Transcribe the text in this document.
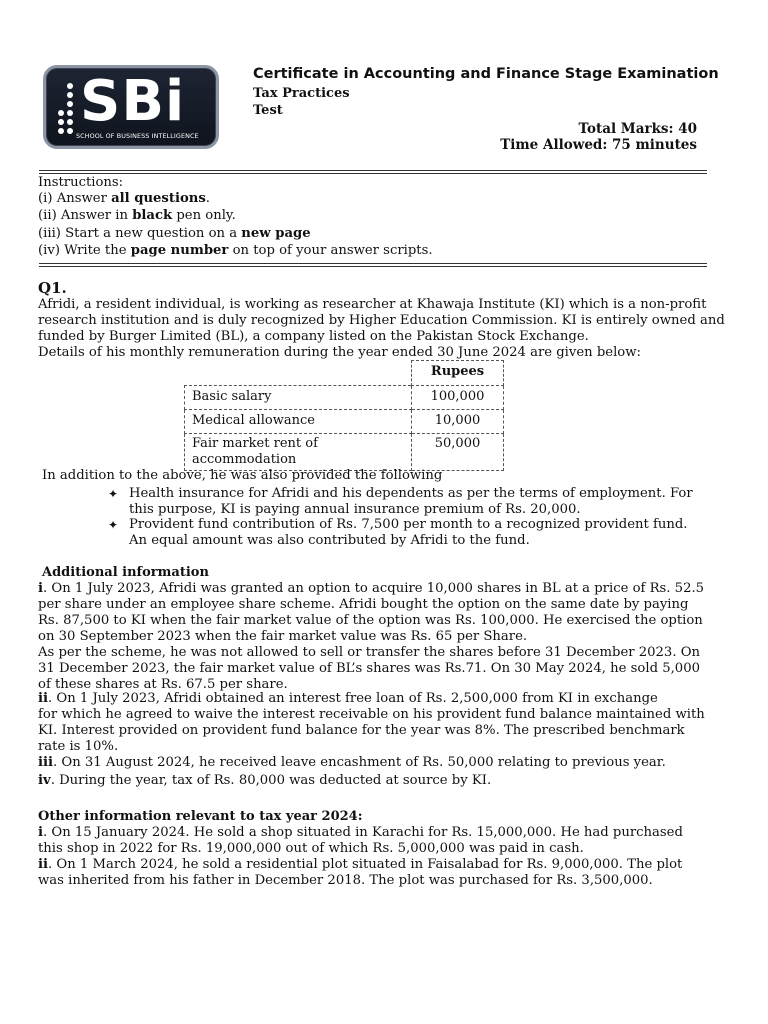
SBi
SCHOOL OF BUSINESS INTELLIGENCE
Certificate in Accounting and Finance Stage Examination
Tax Practices
Test
Total Marks: 40
Time Allowed: 75 minutes
Instructions:
(i) Answer all questions.
(ii) Answer in black pen only.
(iii) Start a new question on a new page
(iv) Write the page number on top of your answer scripts.
Q1.
Afridi, a resident individual, is working as researcher at Khawaja Institute (KI) which is a non-profit
research institution and is duly recognized by Higher Education Commission. KI is entirely owned and
funded by Burger Limited (BL), a company listed on the Pakistan Stock Exchange.
Details of his monthly remuneration during the year ended 30 June 2024 are given below:
	Rupees
Basic salary	100,000
Medical allowance	10,000
Fair market rent of
accommodation	50,000
In addition to the above, he was also provided the following
✦ Health insurance for Afridi and his dependents as per the terms of employment. For
this purpose, KI is paying annual insurance premium of Rs. 20,000.
✦ Provident fund contribution of Rs. 7,500 per month to a recognized provident fund.
An equal amount was also contributed by Afridi to the fund.
Additional information
i. On 1 July 2023, Afridi was granted an option to acquire 10,000 shares in BL at a price of Rs. 52.5
per share under an employee share scheme. Afridi bought the option on the same date by paying
Rs. 87,500 to KI when the fair market value of the option was Rs. 100,000. He exercised the option
on 30 September 2023 when the fair market value was Rs. 65 per Share.
As per the scheme, he was not allowed to sell or transfer the shares before 31 December 2023. On
31 December 2023, the fair market value of BL’s shares was Rs.71. On 30 May 2024, he sold 5,000
of these shares at Rs. 67.5 per share.
ii. On 1 July 2023, Afridi obtained an interest free loan of Rs. 2,500,000 from KI in exchange
for which he agreed to waive the interest receivable on his provident fund balance maintained with
KI. Interest provided on provident fund balance for the year was 8%. The prescribed benchmark
rate is 10%.
iii. On 31 August 2024, he received leave encashment of Rs. 50,000 relating to previous year.
iv. During the year, tax of Rs. 80,000 was deducted at source by KI.
Other information relevant to tax year 2024:
i. On 15 January 2024. He sold a shop situated in Karachi for Rs. 15,000,000. He had purchased
this shop in 2022 for Rs. 19,000,000 out of which Rs. 5,000,000 was paid in cash.
ii. On 1 March 2024, he sold a residential plot situated in Faisalabad for Rs. 9,000,000. The plot
was inherited from his father in December 2018. The plot was purchased for Rs. 3,500,000.
